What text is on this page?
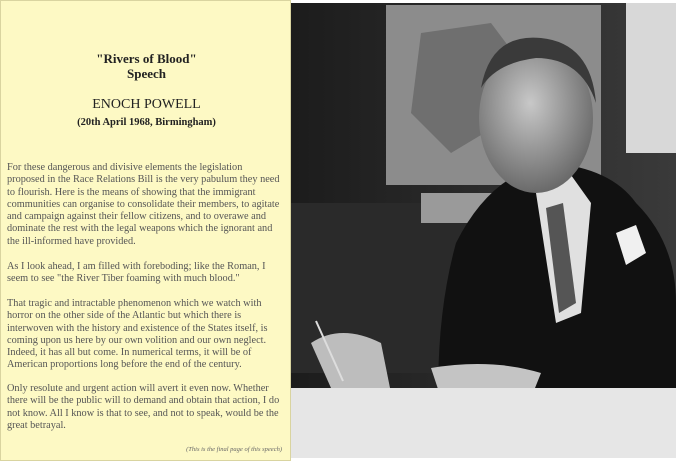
"Rivers of Blood"
Speech
ENOCH POWELL
(20th April 1968, Birmingham)
For these dangerous and divisive elements the legislation
proposed in the Race Relations Bill is the very pabulum they need
to flourish. Here is the means of showing that the immigrant
communities can organise to consolidate their members, to agitate
and campaign against their fellow citizens, and to overawe and
dominate the rest with the legal weapons which the ignorant and
the ill-informed have provided.
As I look ahead, I am filled with foreboding; like the Roman, I
seem to see "the River Tiber foaming with much blood."
That tragic and intractable phenomenon which we watch with
horror on the other side of the Atlantic but which there is
interwoven with the history and existence of the States itself, is
coming upon us here by our own volition and our own neglect.
Indeed, it has all but come. In numerical terms, it will be of
American proportions long before the end of the century.
Only resolute and urgent action will avert it even now. Whether
there will be the public will to demand and obtain that action, I do
not know. All I know is that to see, and not to speak, would be the
great betrayal.
(This is the final page of this speech)
